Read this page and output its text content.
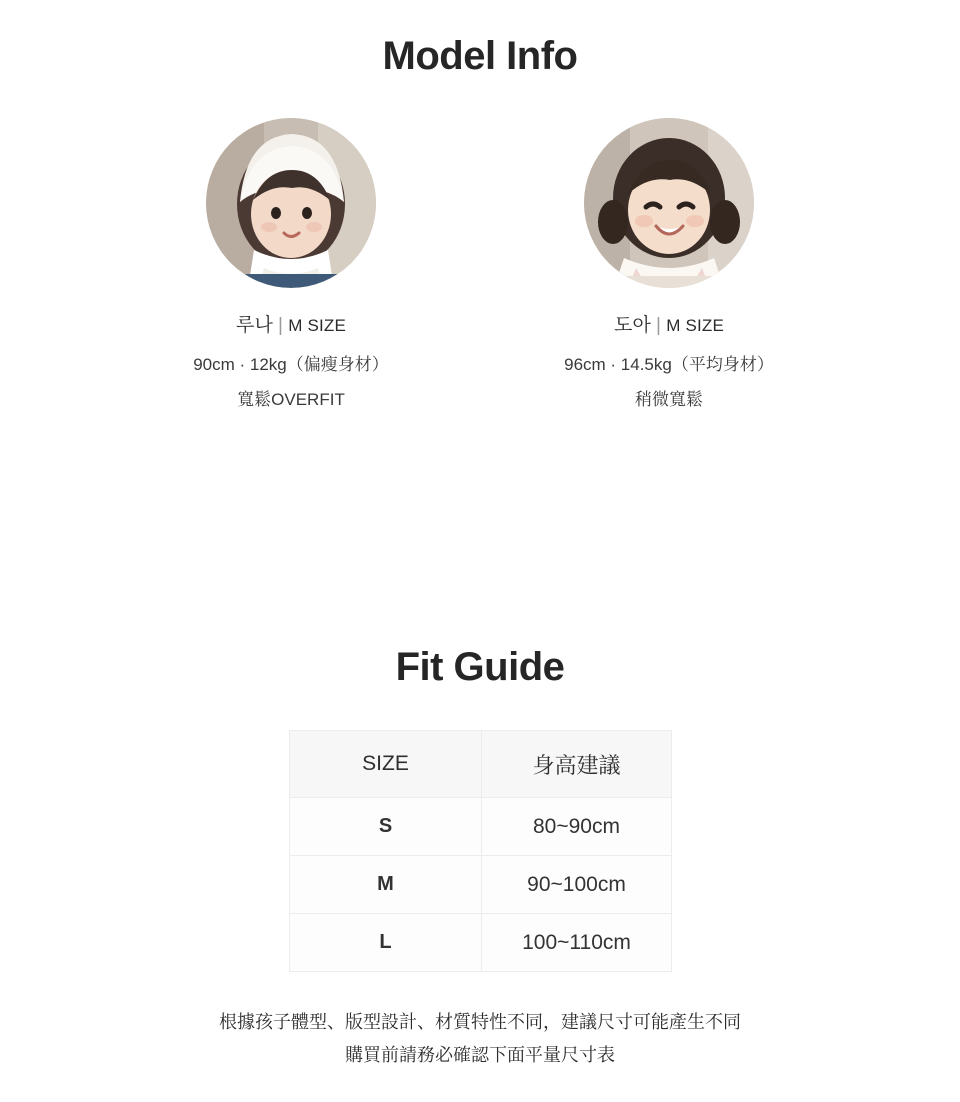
Model Info
루나 | M SIZE
90cm · 12kg（偏瘦身材）
寬鬆OVERFIT
도아 | M SIZE
96cm · 14.5kg（平均身材）
稍微寬鬆
Fit Guide
SIZE	身高建議
S	80~90cm
M	90~100cm
L	100~110cm
根據孩子體型、版型設計、材質特性不同，建議尺寸可能產生不同
購買前請務必確認下面平量尺寸表
